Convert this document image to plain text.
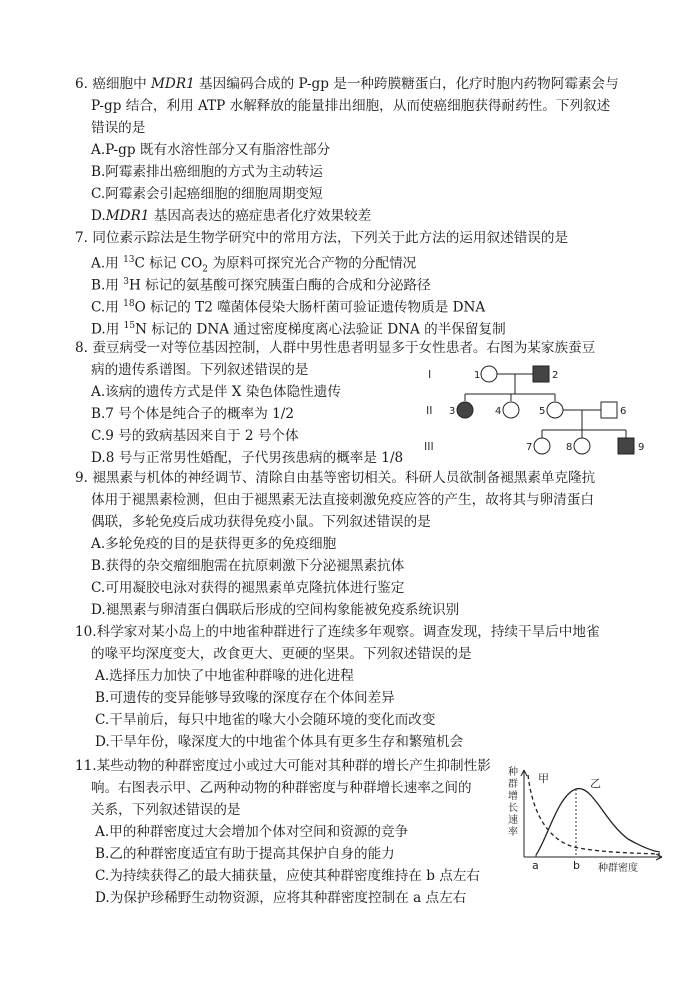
6. 癌细胞中 MDR1 基因编码合成的 P-gp 是一种跨膜糖蛋白，化疗时胞内药物阿霉素会与
P-gp 结合，利用 ATP 水解释放的能量排出细胞，从而使癌细胞获得耐药性。下列叙述
错误的是
A.P-gp 既有水溶性部分又有脂溶性部分
B.阿霉素排出癌细胞的方式为主动转运
C.阿霉素会引起癌细胞的细胞周期变短
D.MDR1 基因高表达的癌症患者化疗效果较差
7. 同位素示踪法是生物学研究中的常用方法，下列关于此方法的运用叙述错误的是
A.用 $^{13}$C 标记 $CO_2$ 为原料可探究光合产物的分配情况
B.用 $^3$H 标记的氨基酸可探究胰蛋白酶的合成和分泌路径
C.用 $^{18}$O 标记的 T2 噬菌体侵染大肠杆菌可验证遗传物质是 DNA
D.用 $^{15}$N 标记的 DNA 通过密度梯度离心法验证 DNA 的半保留复制
8. 蚕豆病受一对等位基因控制，人群中男性患者明显多于女性患者。右图为某家族蚕豆
病的遗传系谱图。下列叙述错误的是
A.该病的遗传方式是伴 X 染色体隐性遗传
B.7 号个体是纯合子的概率为 1/2
C.9 号的致病基因来自于 2 号个体
D.8 号与正常男性婚配，子代男孩患病的概率是 1/8
I
II
III
1	2
3	4	5	6
7	8	9
9. 褪黑素与机体的神经调节、清除自由基等密切相关。科研人员欲制备褪黑素单克隆抗
体用于褪黑素检测，但由于褪黑素无法直接刺激免疫应答的产生，故将其与卵清蛋白
偶联，多轮免疫后成功获得免疫小鼠。下列叙述错误的是
A.多轮免疫的目的是获得更多的免疫细胞
B.获得的杂交瘤细胞需在抗原刺激下分泌褪黑素抗体
C.可用凝胶电泳对获得的褪黑素单克隆抗体进行鉴定
D.褪黑素与卵清蛋白偶联后形成的空间构象能被免疫系统识别
10.科学家对某小岛上的中地雀种群进行了连续多年观察。调查发现，持续干旱后中地雀
的喙平均深度变大，改食更大、更硬的坚果。下列叙述错误的是
A.选择压力加快了中地雀种群喙的进化进程
B.可遗传的变异能够导致喙的深度存在个体间差异
C.干旱前后，每只中地雀的喙大小会随环境的变化而改变
D.干旱年份，喙深度大的中地雀个体具有更多生存和繁殖机会
11.某些动物的种群密度过小或过大可能对其种群的增长产生抑制性影
响。右图表示甲、乙两种动物的种群密度与种群增长速率之间的
关系，下列叙述错误的是
A.甲的种群密度过大会增加个体对空间和资源的竞争
B.乙的种群密度适宜有助于提高其保护自身的能力
C.为持续获得乙的最大捕获量，应使其种群密度维持在 b 点左右
D.为保护珍稀野生动物资源，应将其种群密度控制在 a 点左右
种
群
增
长
速
率
甲	乙
a	b 种群密度
